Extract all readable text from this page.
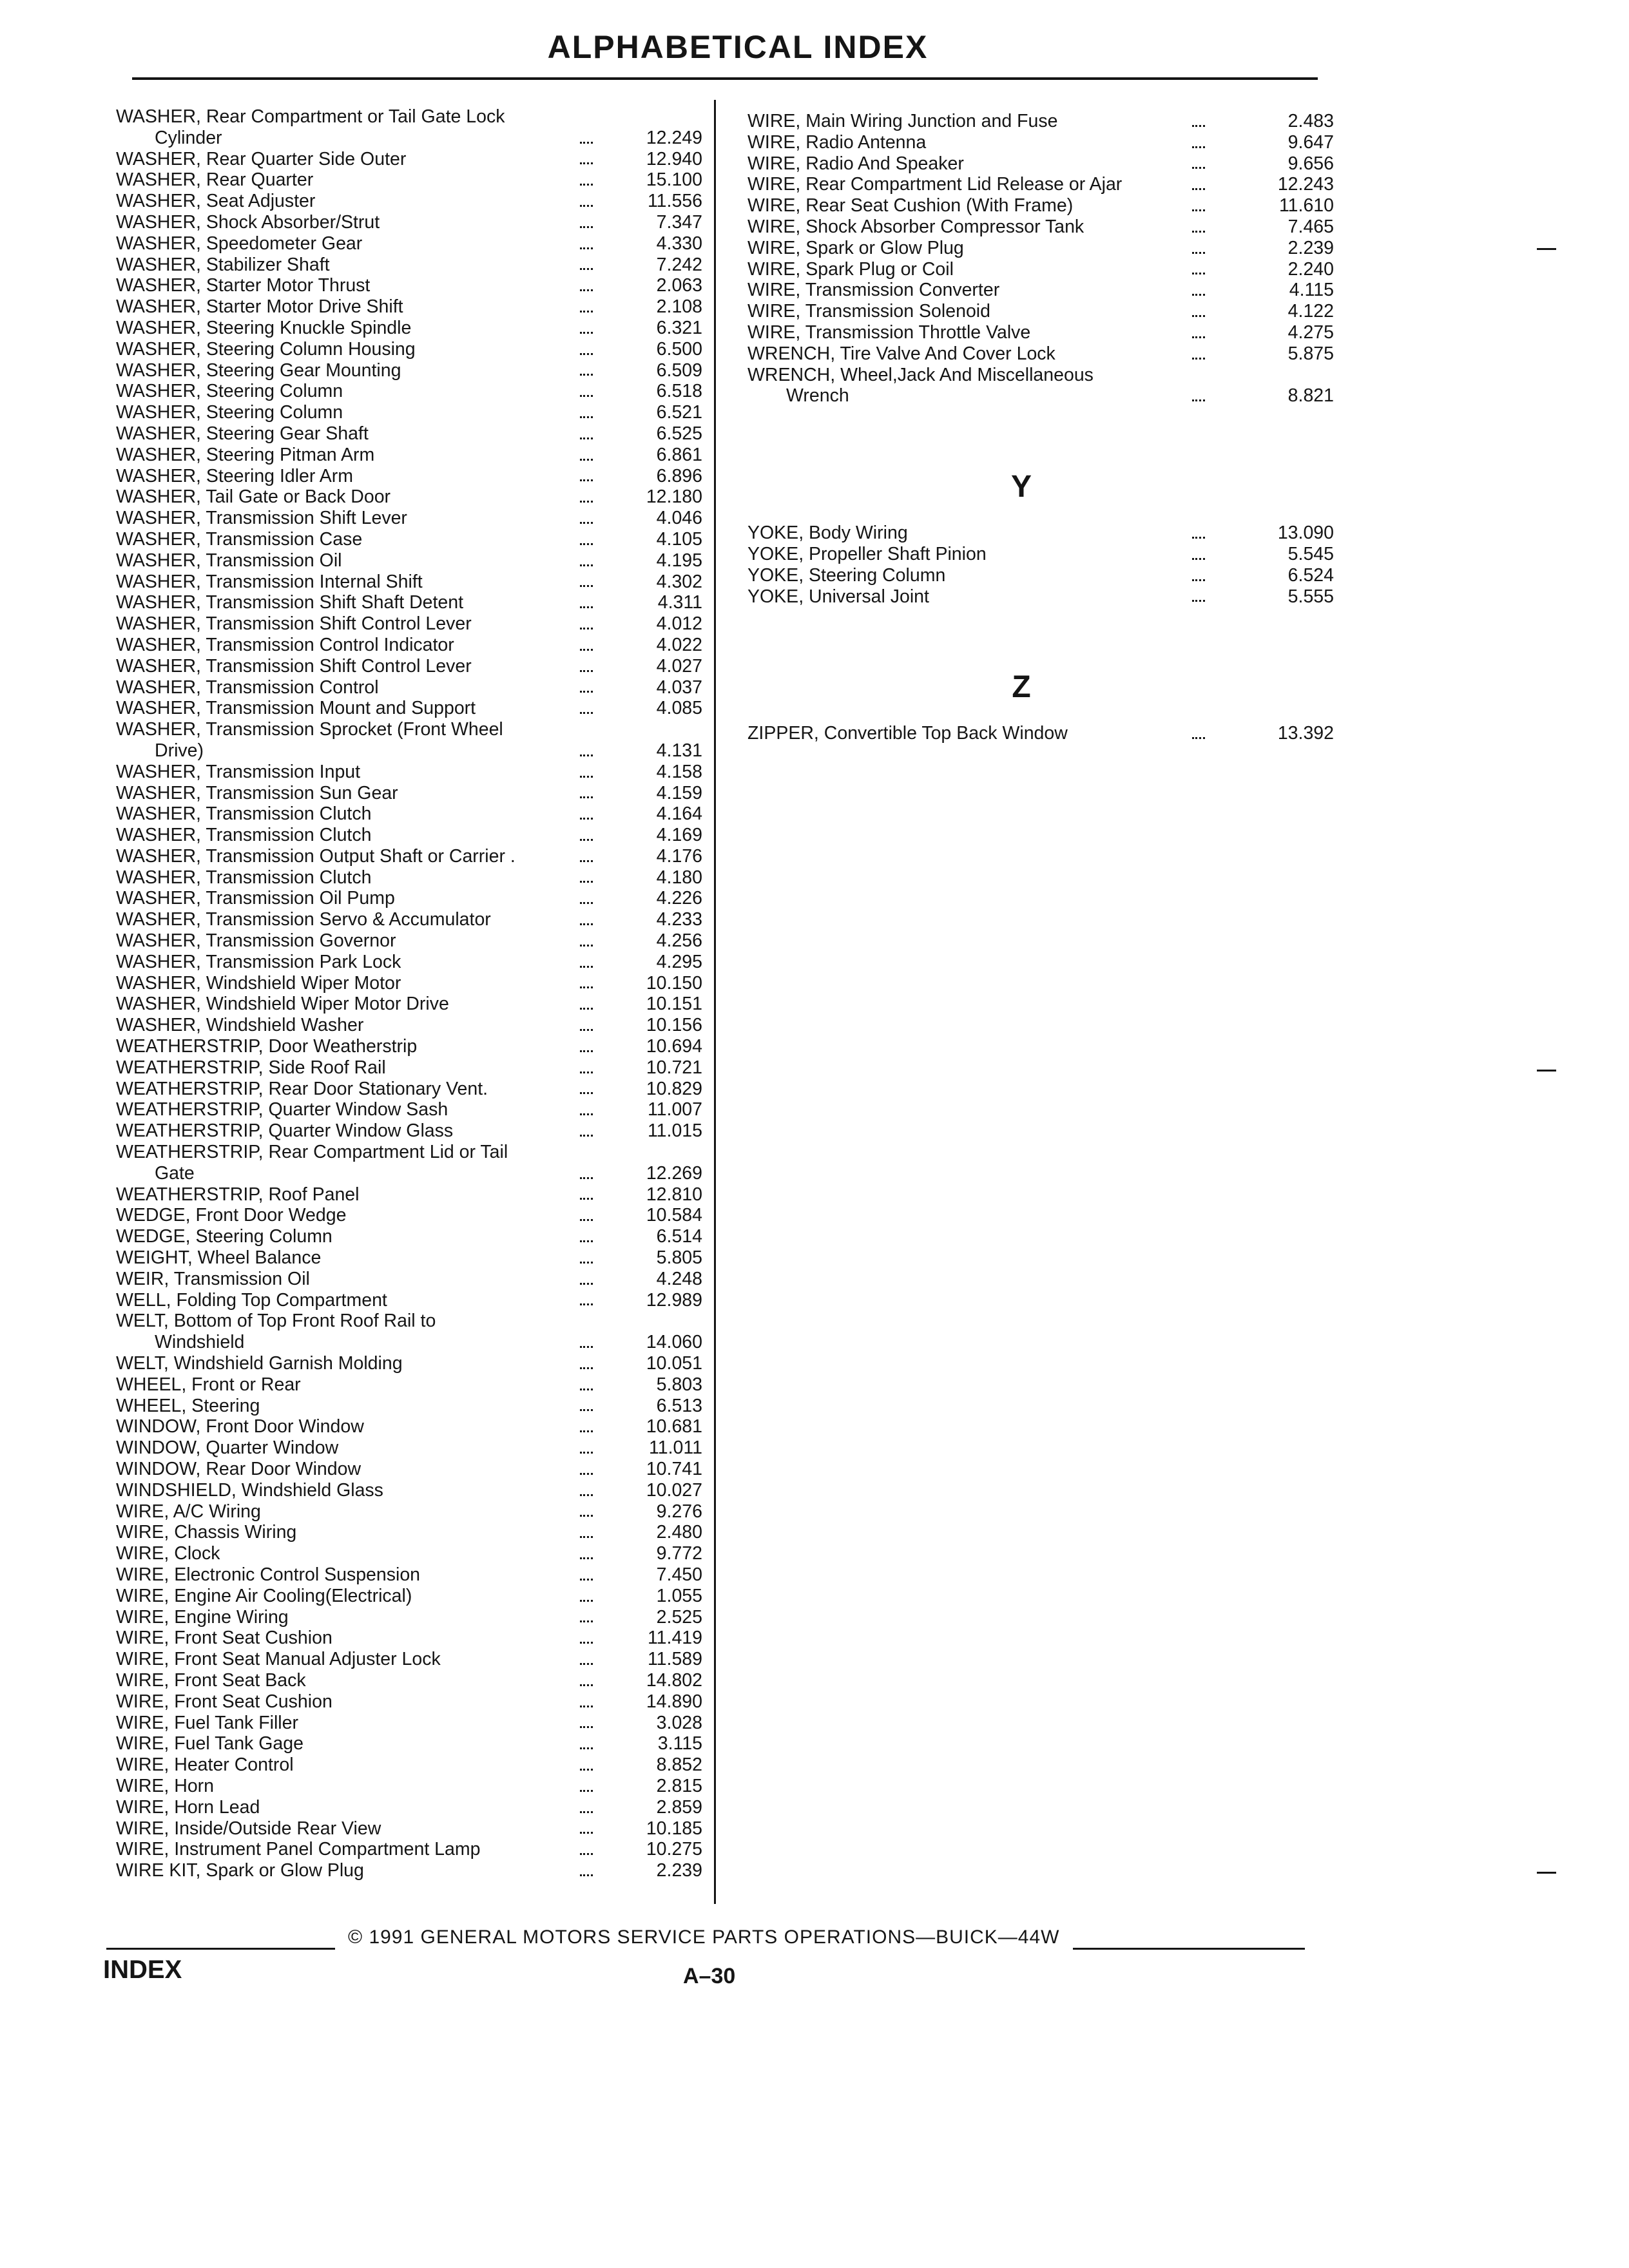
ALPHABETICAL INDEX
WASHER, Rear Compartment or Tail Gate Lock
Cylinder	12.249
WASHER, Rear Quarter Side Outer	12.940
WASHER, Rear Quarter	15.100
WASHER, Seat Adjuster	11.556
WASHER, Shock Absorber/Strut	7.347
WASHER, Speedometer Gear	4.330
WASHER, Stabilizer Shaft	7.242
WASHER, Starter Motor Thrust	2.063
WASHER, Starter Motor Drive Shift	2.108
WASHER, Steering Knuckle Spindle	6.321
WASHER, Steering Column Housing	6.500
WASHER, Steering Gear Mounting	6.509
WASHER, Steering Column	6.518
WASHER, Steering Column	6.521
WASHER, Steering Gear Shaft	6.525
WASHER, Steering Pitman Arm	6.861
WASHER, Steering Idler Arm	6.896
WASHER, Tail Gate or Back Door	12.180
WASHER, Transmission Shift Lever	4.046
WASHER, Transmission Case	4.105
WASHER, Transmission Oil	4.195
WASHER, Transmission Internal Shift	4.302
WASHER, Transmission Shift Shaft Detent	4.311
WASHER, Transmission Shift Control Lever	4.012
WASHER, Transmission Control Indicator	4.022
WASHER, Transmission Shift Control Lever	4.027
WASHER, Transmission Control	4.037
WASHER, Transmission Mount and Support	4.085
WASHER, Transmission Sprocket (Front Wheel
Drive)	4.131
WASHER, Transmission Input	4.158
WASHER, Transmission Sun Gear	4.159
WASHER, Transmission Clutch	4.164
WASHER, Transmission Clutch	4.169
WASHER, Transmission Output Shaft or Carrier .	4.176
WASHER, Transmission Clutch	4.180
WASHER, Transmission Oil Pump	4.226
WASHER, Transmission Servo & Accumulator	4.233
WASHER, Transmission Governor	4.256
WASHER, Transmission Park Lock	4.295
WASHER, Windshield Wiper Motor	10.150
WASHER, Windshield Wiper Motor Drive	10.151
WASHER, Windshield Washer	10.156
WEATHERSTRIP, Door Weatherstrip	10.694
WEATHERSTRIP, Side Roof Rail	10.721
WEATHERSTRIP, Rear Door Stationary Vent.	10.829
WEATHERSTRIP, Quarter Window Sash	11.007
WEATHERSTRIP, Quarter Window Glass	11.015
WEATHERSTRIP, Rear Compartment Lid or Tail
Gate	12.269
WEATHERSTRIP, Roof Panel	12.810
WEDGE, Front Door Wedge	10.584
WEDGE, Steering Column	6.514
WEIGHT, Wheel Balance	5.805
WEIR, Transmission Oil	4.248
WELL, Folding Top Compartment	12.989
WELT, Bottom of Top Front Roof Rail to
Windshield	14.060
WELT, Windshield Garnish Molding	10.051
WHEEL, Front or Rear	5.803
WHEEL, Steering	6.513
WINDOW, Front Door Window	10.681
WINDOW, Quarter Window	11.011
WINDOW, Rear Door Window	10.741
WINDSHIELD, Windshield Glass	10.027
WIRE, A/C Wiring	9.276
WIRE, Chassis Wiring	2.480
WIRE, Clock	9.772
WIRE, Electronic Control Suspension	7.450
WIRE, Engine Air Cooling(Electrical)	1.055
WIRE, Engine Wiring	2.525
WIRE, Front Seat Cushion	11.419
WIRE, Front Seat Manual Adjuster Lock	11.589
WIRE, Front Seat Back	14.802
WIRE, Front Seat Cushion	14.890
WIRE, Fuel Tank Filler	3.028
WIRE, Fuel Tank Gage	3.115
WIRE, Heater Control	8.852
WIRE, Horn	2.815
WIRE, Horn Lead	2.859
WIRE, Inside/Outside Rear View	10.185
WIRE, Instrument Panel Compartment Lamp	10.275
WIRE KIT, Spark or Glow Plug	2.239
WIRE, Main Wiring Junction and Fuse	2.483
WIRE, Radio Antenna	9.647
WIRE, Radio And Speaker	9.656
WIRE, Rear Compartment Lid Release or Ajar	12.243
WIRE, Rear Seat Cushion (With Frame)	11.610
WIRE, Shock Absorber Compressor Tank	7.465
WIRE, Spark or Glow Plug	2.239
WIRE, Spark Plug or Coil	2.240
WIRE, Transmission Converter	4.115
WIRE, Transmission Solenoid	4.122
WIRE, Transmission Throttle Valve	4.275
WRENCH, Tire Valve And Cover Lock	5.875
WRENCH, Wheel,Jack And Miscellaneous
Wrench	8.821
Y
YOKE, Body Wiring	13.090
YOKE, Propeller Shaft Pinion	5.545
YOKE, Steering Column	6.524
YOKE, Universal Joint	5.555
Z
ZIPPER, Convertible Top Back Window	13.392
© 1991 GENERAL MOTORS SERVICE PARTS OPERATIONS—BUICK—44W
INDEX	A–30
